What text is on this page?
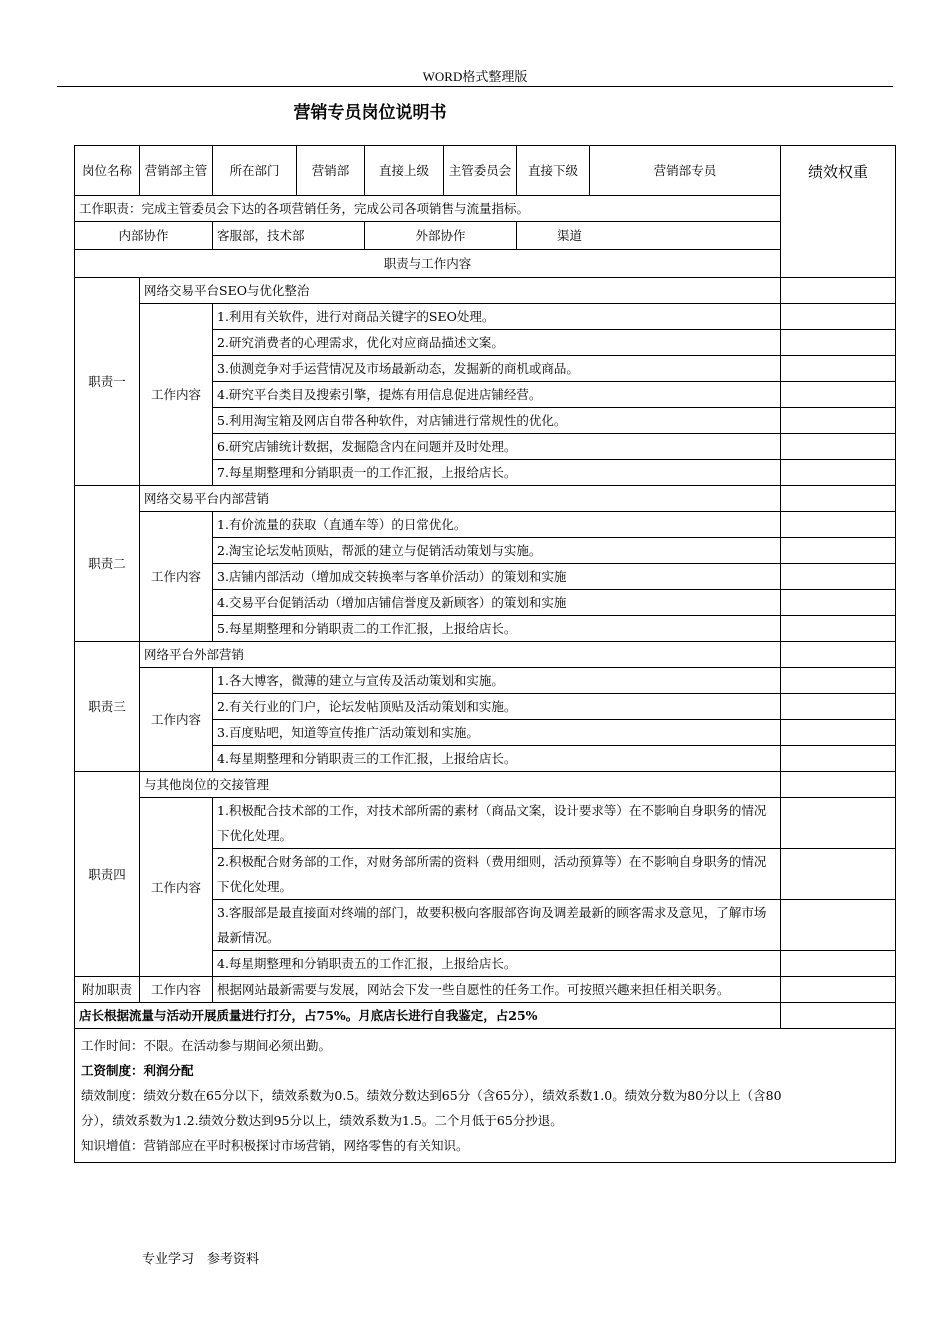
WORD格式整理版
营销专员岗位说明书
岗位名称	营销部主管	所在部门	营销部	直接上级	主管委员会	直接下级	营销部专员	绩效权重
工作职责：完成主管委员会下达的各项营销任务，完成公司各项销售与流量指标。								
内部协作		客服部，技术部		外部协作		渠道		
职责与工作内容								
职责一	网络交易平台SEO与优化整治							
	工作内容	1.利用有关软件，进行对商品关键字的SEO处理。						
		2.研究消费者的心理需求，优化对应商品描述文案。						
		3.侦测竞争对手运营情况及市场最新动态，发掘新的商机或商品。						
		4.研究平台类目及搜索引擎，提炼有用信息促进店铺经营。						
		5.利用淘宝箱及网店自带各种软件，对店铺进行常规性的优化。						
		6.研究店铺统计数据，发掘隐含内在问题并及时处理。						
		7.每星期整理和分销职责一的工作汇报，上报给店长。						
职责二	网络交易平台内部营销							
	工作内容	1.有价流量的获取（直通车等）的日常优化。						
		2.淘宝论坛发帖顶贴，帮派的建立与促销活动策划与实施。						
		3.店铺内部活动（增加成交转换率与客单价活动）的策划和实施						
		4.交易平台促销活动（增加店铺信誉度及新顾客）的策划和实施						
		5.每星期整理和分销职责二的工作汇报，上报给店长。						
职责三	网络平台外部营销							
	工作内容	1.各大博客，微薄的建立与宣传及活动策划和实施。						
		2.有关行业的门户，论坛发帖顶贴及活动策划和实施。						
		3.百度贴吧，知道等宣传推广活动策划和实施。						
		4.每星期整理和分销职责三的工作汇报，上报给店长。						
职责四	与其他岗位的交接管理							
	工作内容	1.积极配合技术部的工作，对技术部所需的素材（商品文案，设计要求等）在不影响自身职务的情况下优化处理。						
		2.积极配合财务部的工作，对财务部所需的资料（费用细则，活动预算等）在不影响自身职务的情况下优化处理。						
		3.客服部是最直接面对终端的部门，故要积极向客服部咨询及调差最新的顾客需求及意见，了解市场最新情况。						
		4.每星期整理和分销职责五的工作汇报，上报给店长。						
附加职责	工作内容	根据网站最新需要与发展，网站会下发一些自愿性的任务工作。可按照兴趣来担任相关职务。						
店长根据流量与活动开展质量进行打分，占75%。月底店长进行自我鉴定，占25%								

工作时间：不限。在活动参与期间必须出勤。

工资制度：利润分配

绩效制度：绩效分数在65分以下，绩效系数为0.5。绩效分数达到65分（含65分），绩效系数1.0。绩效分数为80分以上（含80分），绩效系数为1.2.绩效分数达到95分以上，绩效系数为1.5。二个月低于65分抄退。

知识增值：营销部应在平时积极探讨市场营销，网络零售的有关知识。								

专业学习　参考资料
